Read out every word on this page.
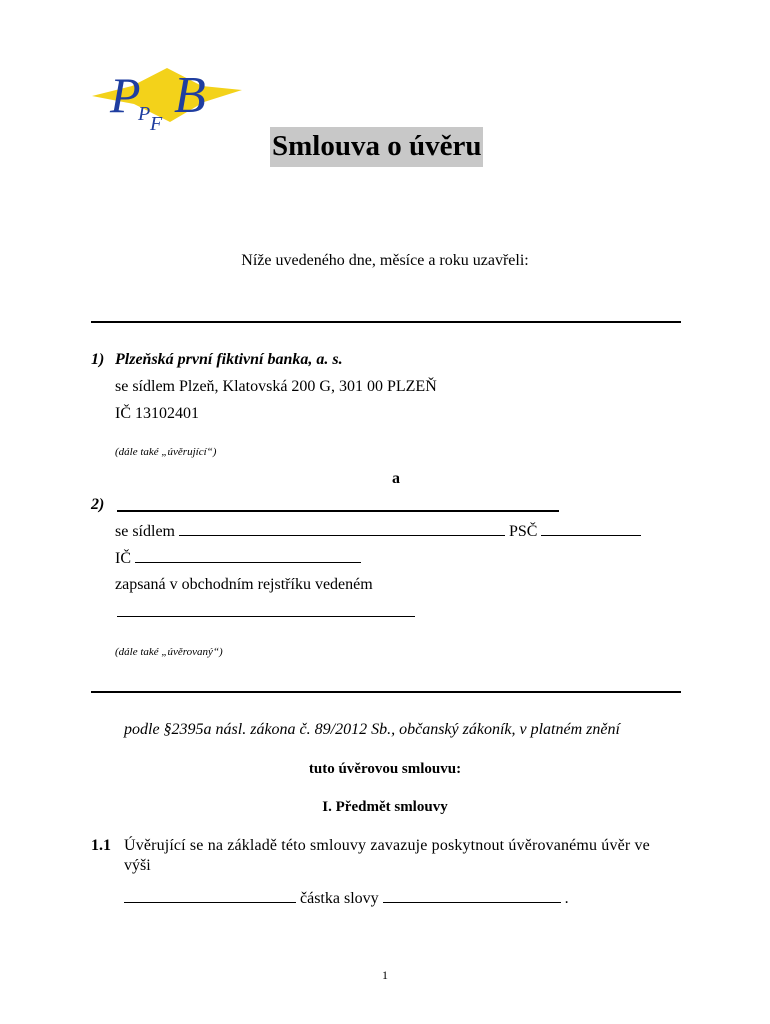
P B
P F
Smlouva o úvěru
Níže uvedeného dne, měsíce a roku uzavřeli:
1) Plzeňská první fiktivní banka, a. s.
se sídlem Plzeň, Klatovská 200 G, 301 00 PLZEŇ
IČ 13102401
(dále také „úvěrující“)
a
2)
se sídlem	PSČ
IČ
zapsaná v obchodním rejstříku vedeném
(dále také „úvěrovaný“)
podle §2395a násl. zákona č. 89/2012 Sb., občanský zákoník, v platném znění
tuto úvěrovou smlouvu:
I. Předmět smlouvy
1.1 Úvěrující se na základě této smlouvy zavazuje poskytnout úvěrovanému úvěr ve
výši
částka slovy	.
1
